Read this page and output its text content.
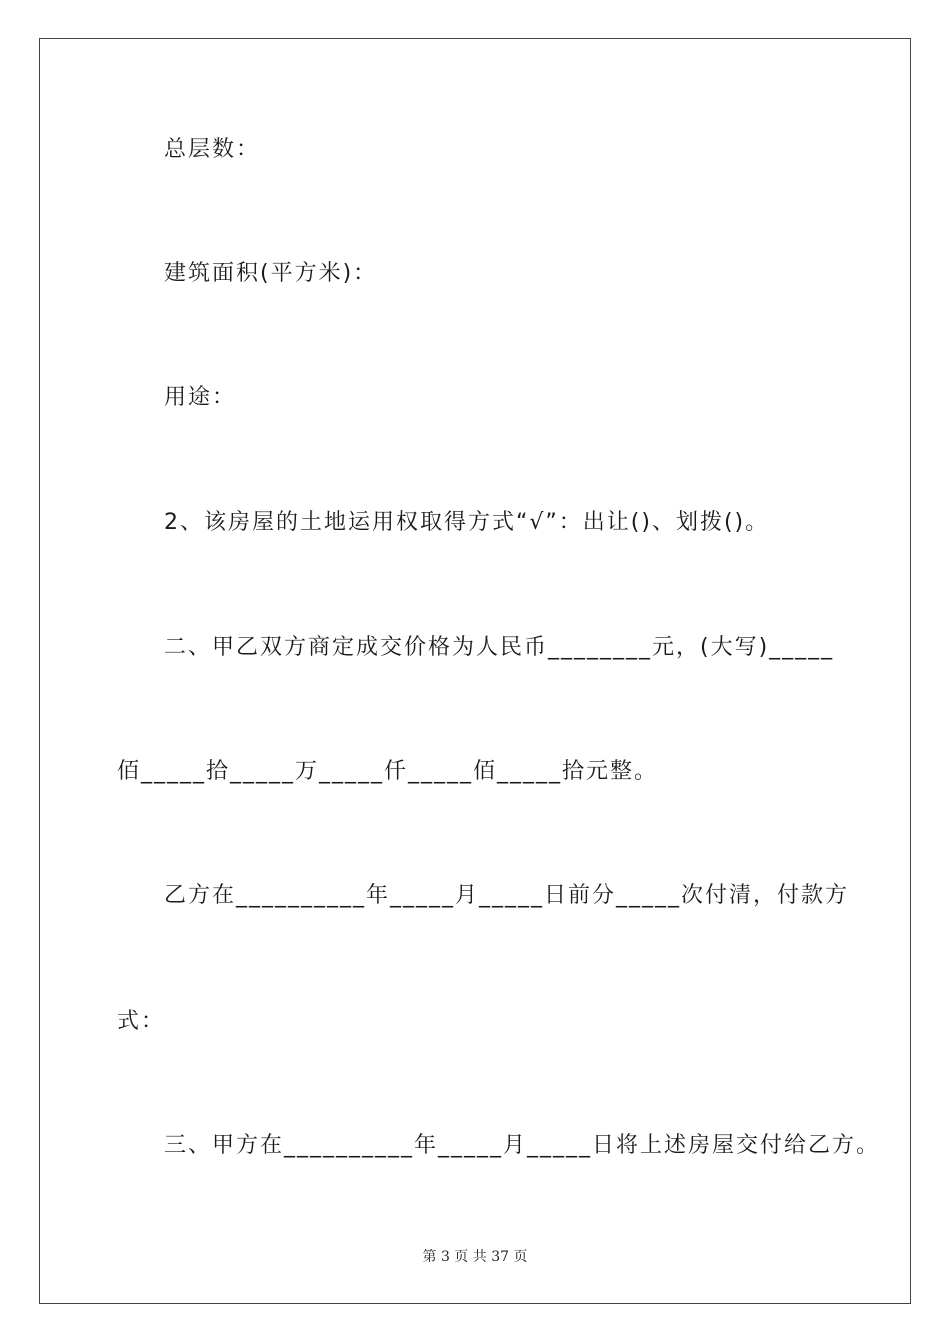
总层数：
建筑面积(平方米)：
用途：
2、该房屋的土地运用权取得方式“√”：出让()、划拨()。
二、甲乙双方商定成交价格为人民币________元，(大写)_____
佰_____拾_____万_____仟_____佰_____拾元整。
乙方在__________年_____月_____日前分_____次付清，付款方
式：
三、甲方在__________年_____月_____日将上述房屋交付给乙方。
第 3 页 共 37 页
